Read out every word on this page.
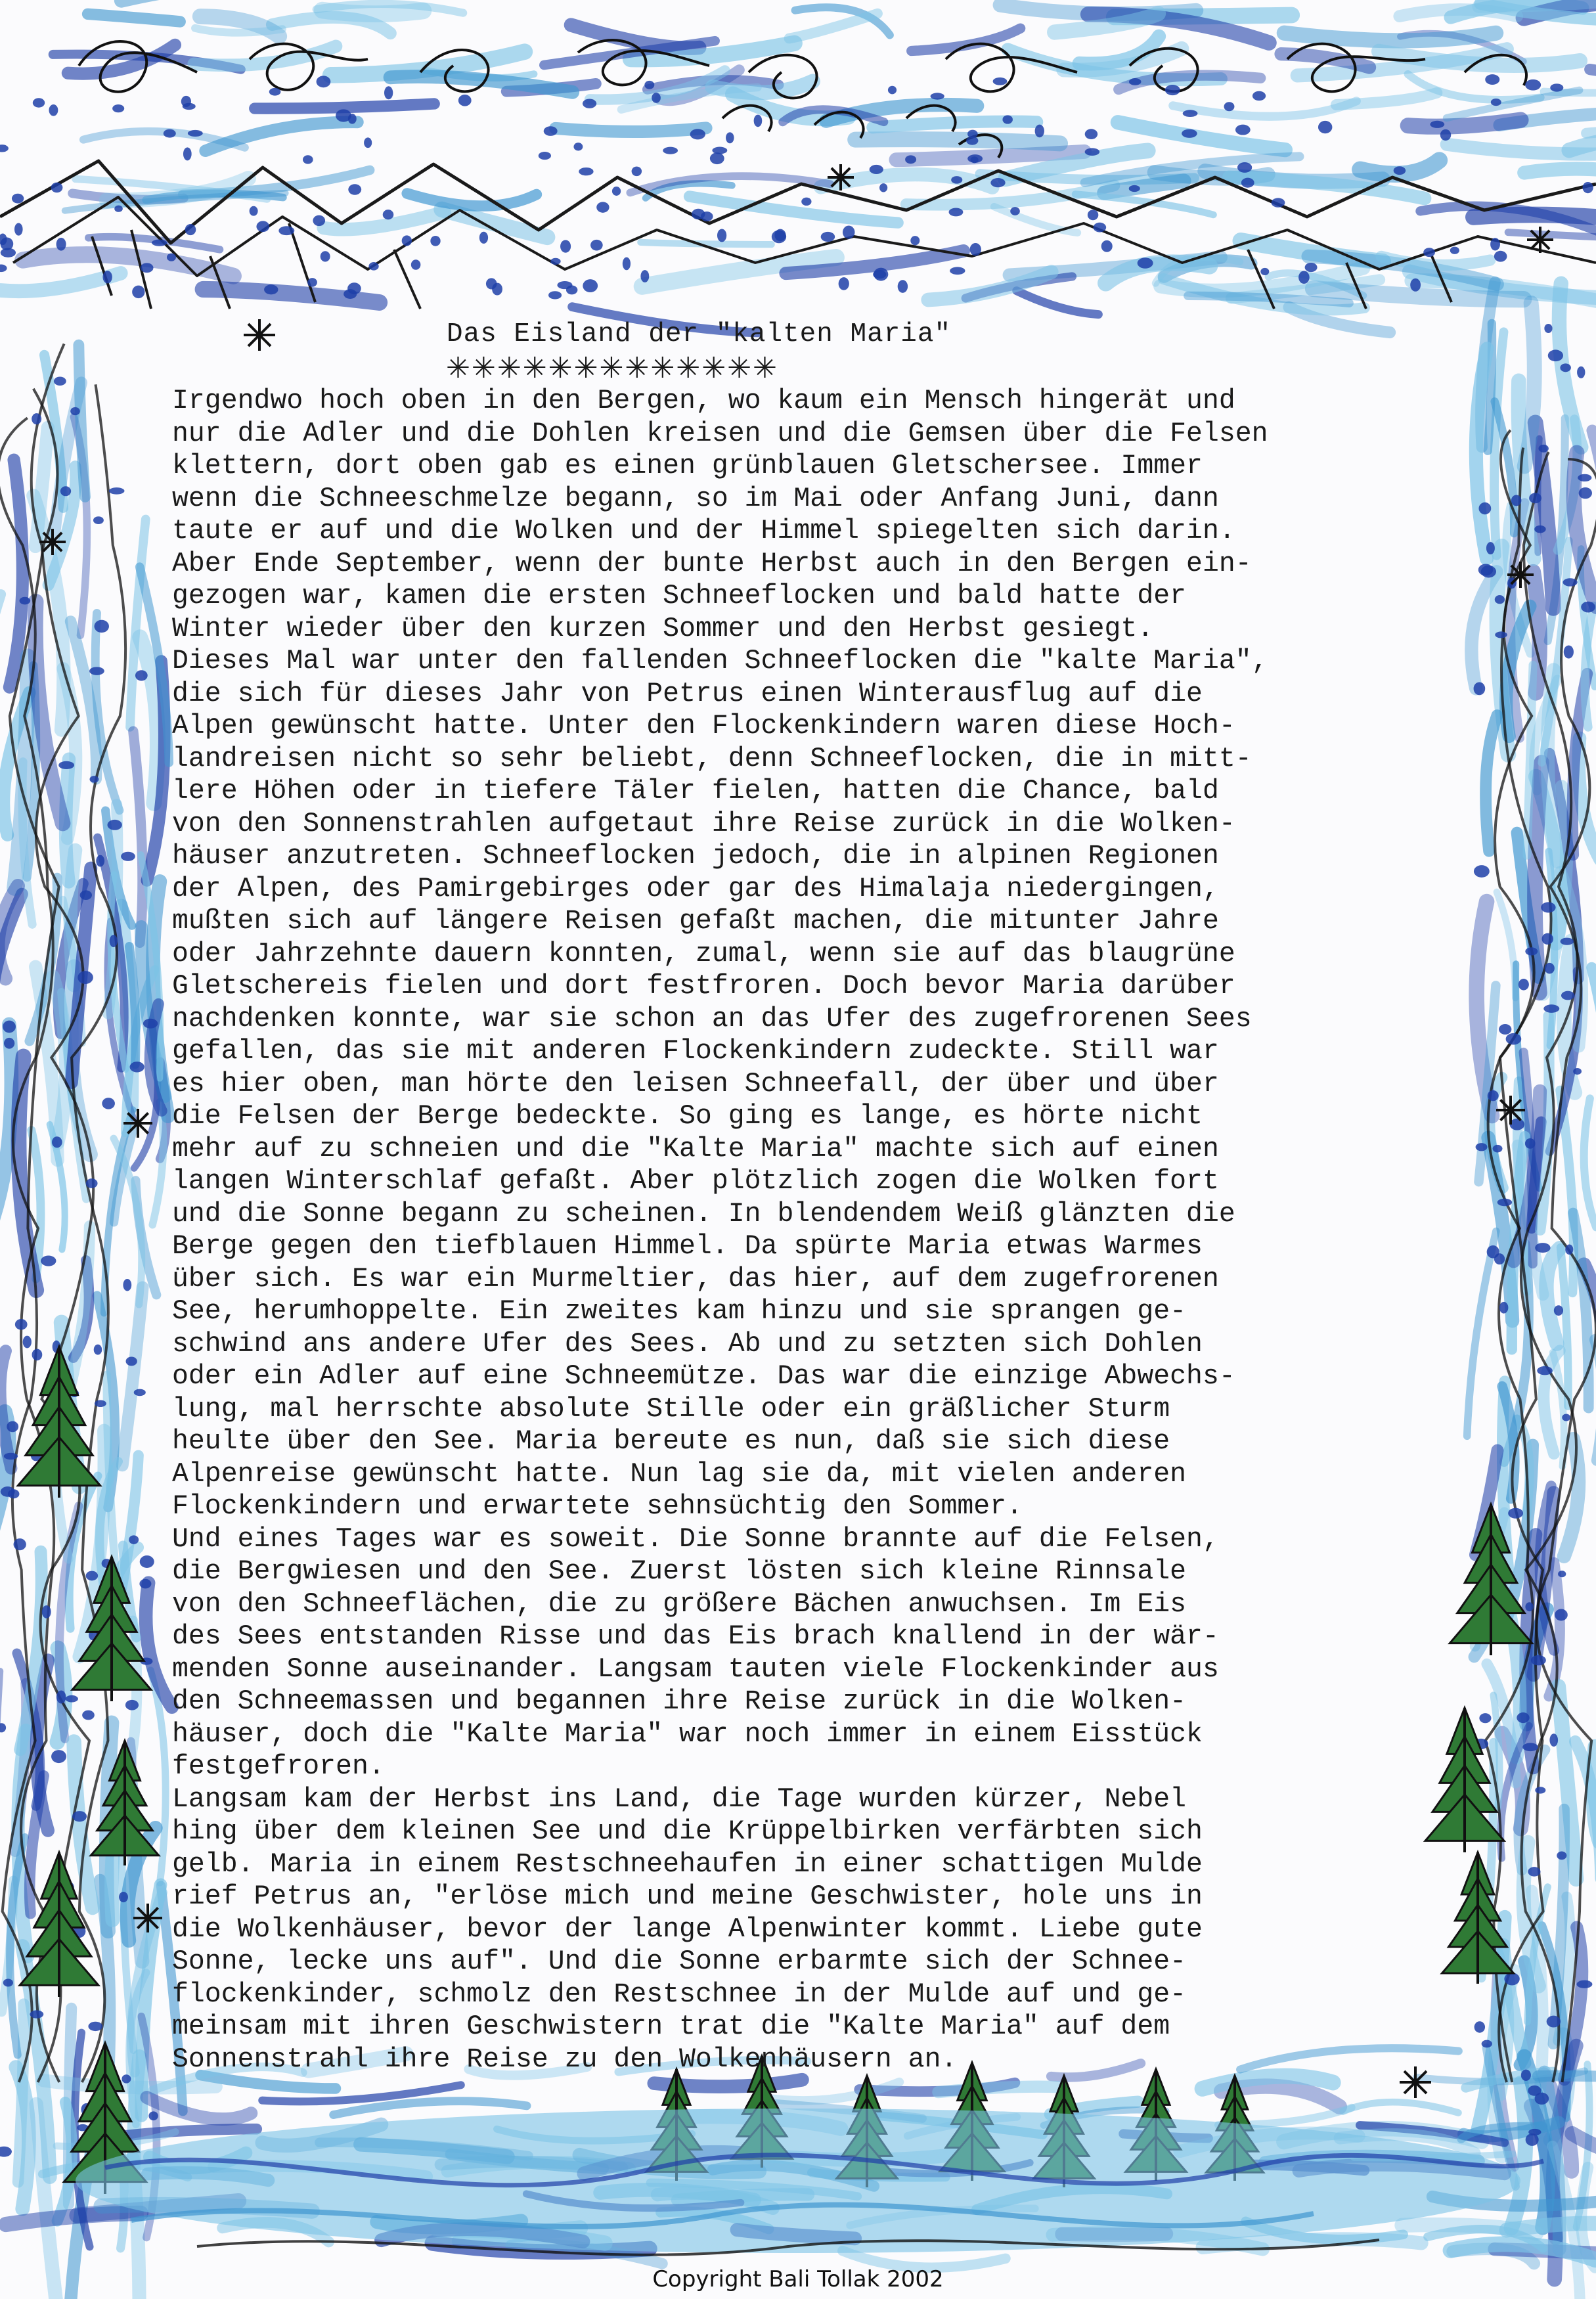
Das Eisland der "kalten Maria"
✳✳✳✳✳✳✳✳✳✳✳✳✳
Irgendwo hoch oben in den Bergen, wo kaum ein Mensch hingerät und
nur die Adler und die Dohlen kreisen und die Gemsen über die Felsen
klettern, dort oben gab es einen grünblauen Gletschersee. Immer
wenn die Schneeschmelze begann, so im Mai oder Anfang Juni, dann
taute er auf und die Wolken und der Himmel spiegelten sich darin.
Aber Ende September, wenn der bunte Herbst auch in den Bergen ein-
gezogen war, kamen die ersten Schneeflocken und bald hatte der
Winter wieder über den kurzen Sommer und den Herbst gesiegt.
Dieses Mal war unter den fallenden Schneeflocken die "kalte Maria",
die sich für dieses Jahr von Petrus einen Winterausflug auf die
Alpen gewünscht hatte. Unter den Flockenkindern waren diese Hoch-
landreisen nicht so sehr beliebt, denn Schneeflocken, die in mitt-
lere Höhen oder in tiefere Täler fielen, hatten die Chance, bald
von den Sonnenstrahlen aufgetaut ihre Reise zurück in die Wolken-
häuser anzutreten. Schneeflocken jedoch, die in alpinen Regionen
der Alpen, des Pamirgebirges oder gar des Himalaja niedergingen,
mußten sich auf längere Reisen gefaßt machen, die mitunter Jahre
oder Jahrzehnte dauern konnten, zumal, wenn sie auf das blaugrüne
Gletschereis fielen und dort festfroren. Doch bevor Maria darüber
nachdenken konnte, war sie schon an das Ufer des zugefrorenen Sees
gefallen, das sie mit anderen Flockenkindern zudeckte. Still war
es hier oben, man hörte den leisen Schneefall, der über und über
die Felsen der Berge bedeckte. So ging es lange, es hörte nicht
mehr auf zu schneien und die "Kalte Maria" machte sich auf einen
langen Winterschlaf gefaßt. Aber plötzlich zogen die Wolken fort
und die Sonne begann zu scheinen. In blendendem Weiß glänzten die
Berge gegen den tiefblauen Himmel. Da spürte Maria etwas Warmes
über sich. Es war ein Murmeltier, das hier, auf dem zugefrorenen
See, herumhoppelte. Ein zweites kam hinzu und sie sprangen ge-
schwind ans andere Ufer des Sees. Ab und zu setzten sich Dohlen
oder ein Adler auf eine Schneemütze. Das war die einzige Abwechs-
lung, mal herrschte absolute Stille oder ein gräßlicher Sturm
heulte über den See. Maria bereute es nun, daß sie sich diese
Alpenreise gewünscht hatte. Nun lag sie da, mit vielen anderen
Flockenkindern und erwartete sehnsüchtig den Sommer.
Und eines Tages war es soweit. Die Sonne brannte auf die Felsen,
die Bergwiesen und den See. Zuerst lösten sich kleine Rinnsale
von den Schneeflächen, die zu größere Bächen anwuchsen. Im Eis
des Sees entstanden Risse und das Eis brach knallend in der wär-
menden Sonne auseinander. Langsam tauten viele Flockenkinder aus
den Schneemassen und begannen ihre Reise zurück in die Wolken-
häuser, doch die "Kalte Maria" war noch immer in einem Eisstück
festgefroren.
Langsam kam der Herbst ins Land, die Tage wurden kürzer, Nebel
hing über dem kleinen See und die Krüppelbirken verfärbten sich
gelb. Maria in einem Restschneehaufen in einer schattigen Mulde
rief Petrus an, "erlöse mich und meine Geschwister, hole uns in
die Wolkenhäuser, bevor der lange Alpenwinter kommt. Liebe gute
Sonne, lecke uns auf". Und die Sonne erbarmte sich der Schnee-
flockenkinder, schmolz den Restschnee in der Mulde auf und ge-
meinsam mit ihren Geschwistern trat die "Kalte Maria" auf dem
Sonnenstrahl ihre Reise zu den Wolkenhäusern an.
Copyright Bali Tollak 2002
